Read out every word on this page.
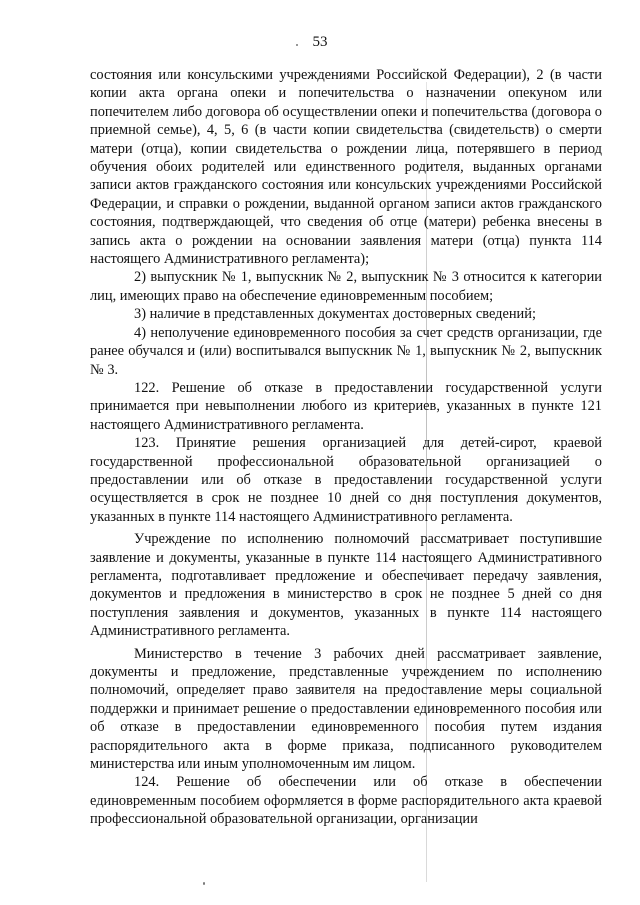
53

состояния или консульскими учреждениями Российской Федерации), 2 (в части копии акта органа опеки и попечительства о назначении опекуном или попечителем либо договора об осуществлении опеки и попечительства (договора о приемной семье), 4, 5, 6 (в части копии свидетельства (свидетельств) о смерти матери (отца), копии свидетельства о рождении лица, потерявшего в период обучения обоих родителей или единственного родителя, выданных органами записи актов гражданского состояния или консульских учреждениями Российской Федерации, и справки о рождении, выданной органом записи актов гражданского состояния, подтверждающей, что сведения об отце (матери) ребенка внесены в запись акта о рождении на основании заявления матери (отца) пункта 114 настоящего Административного регламента);

2) выпускник № 1, выпускник № 2, выпускник № 3 относится к категории лиц, имеющих право на обеспечение единовременным пособием;

3) наличие в представленных документах достоверных сведений;

4) неполучение единовременного пособия за счет средств организации, где ранее обучался и (или) воспитывался выпускник № 1, выпускник № 2, выпускник № 3.

122. Решение об отказе в предоставлении государственной услуги принимается при невыполнении любого из критериев, указанных в пункте 121 настоящего Административного регламента.

123. Принятие решения организацией для детей-сирот, краевой государственной профессиональной образовательной организацией о предоставлении или об отказе в предоставлении государственной услуги осуществляется в срок не позднее 10 дней со дня поступления документов, указанных в пункте 114 настоящего Административного регламента.

Учреждение по исполнению полномочий рассматривает поступившие заявление и документы, указанные в пункте 114 настоящего Административного регламента, подготавливает предложение и обеспечивает передачу заявления, документов и предложения в министерство в срок не позднее 5 дней со дня поступления заявления и документов, указанных в пункте 114 настоящего Административного регламента.

Министерство в течение 3 рабочих дней рассматривает заявление, документы и предложение, представленные учреждением по исполнению полномочий, определяет право заявителя на предоставление меры социальной поддержки и принимает решение о предоставлении единовременного пособия или об отказе в предоставлении единовременного пособия путем издания распорядительного акта в форме приказа, подписанного руководителем министерства или иным уполномоченным им лицом.

124. Решение об обеспечении или об отказе в обеспечении единовременным пособием оформляется в форме распорядительного акта краевой профессиональной образовательной организации, организации
